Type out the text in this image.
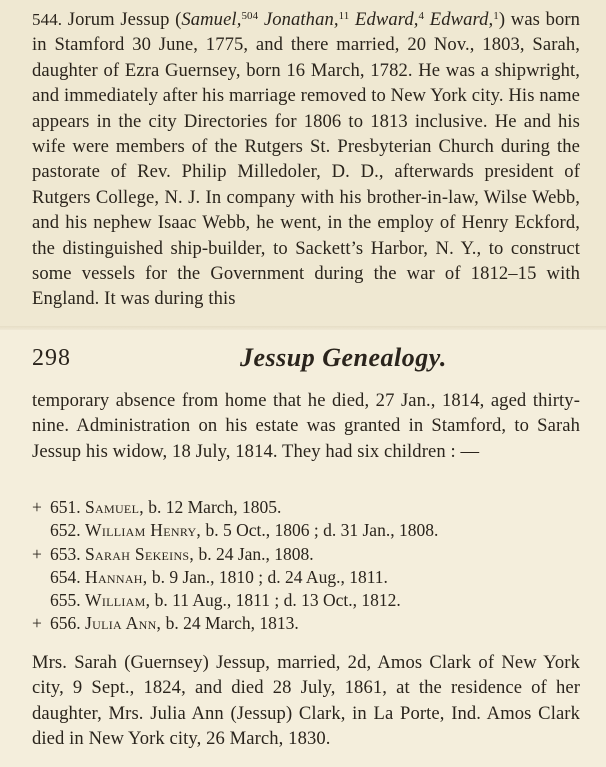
544. Jorum Jessup (Samuel,$^{504}$ Jonathan,$^{11}$ Edward,$^4$ Edward,$^1$) was born in Stamford 30 June, 1775, and there married, 20 Nov., 1803, Sarah, daughter of Ezra Guernsey, born 16 March, 1782. He was a shipwright, and immediately after his marriage removed to New York city. His name appears in the city Directories for 1806 to 1813 inclusive. He and his wife were members of the Rutgers St. Presbyterian Church during the pastorate of Rev. Philip Milledoler, D. D., afterwards president of Rutgers College, N. J. In company with his brother-in-law, Wilse Webb, and his nephew Isaac Webb, he went, in the employ of Henry Eckford, the distinguished ship-builder, to Sackett’s Harbor, N. Y., to construct some vessels for the Government during the war of 1812–15 with England. It was during this

298	Jessup Genealogy.

temporary absence from home that he died, 27 Jan., 1814, aged thirty-nine. Administration on his estate was granted in Stamford, to Sarah Jessup his widow, 18 July, 1814. They had six children : —

+ 651. Samuel, b. 12 March, 1805.
652. William Henry, b. 5 Oct., 1806 ; d. 31 Jan., 1808.
+ 653. Sarah Sekeins, b. 24 Jan., 1808.
654. Hannah, b. 9 Jan., 1810 ; d. 24 Aug., 1811.
655. William, b. 11 Aug., 1811 ; d. 13 Oct., 1812.
+ 656. Julia Ann, b. 24 March, 1813.

Mrs. Sarah (Guernsey) Jessup, married, 2d, Amos Clark of New York city, 9 Sept., 1824, and died 28 July, 1861, at the residence of her daughter, Mrs. Julia Ann (Jessup) Clark, in La Porte, Ind. Amos Clark died in New York city, 26 March, 1830.
